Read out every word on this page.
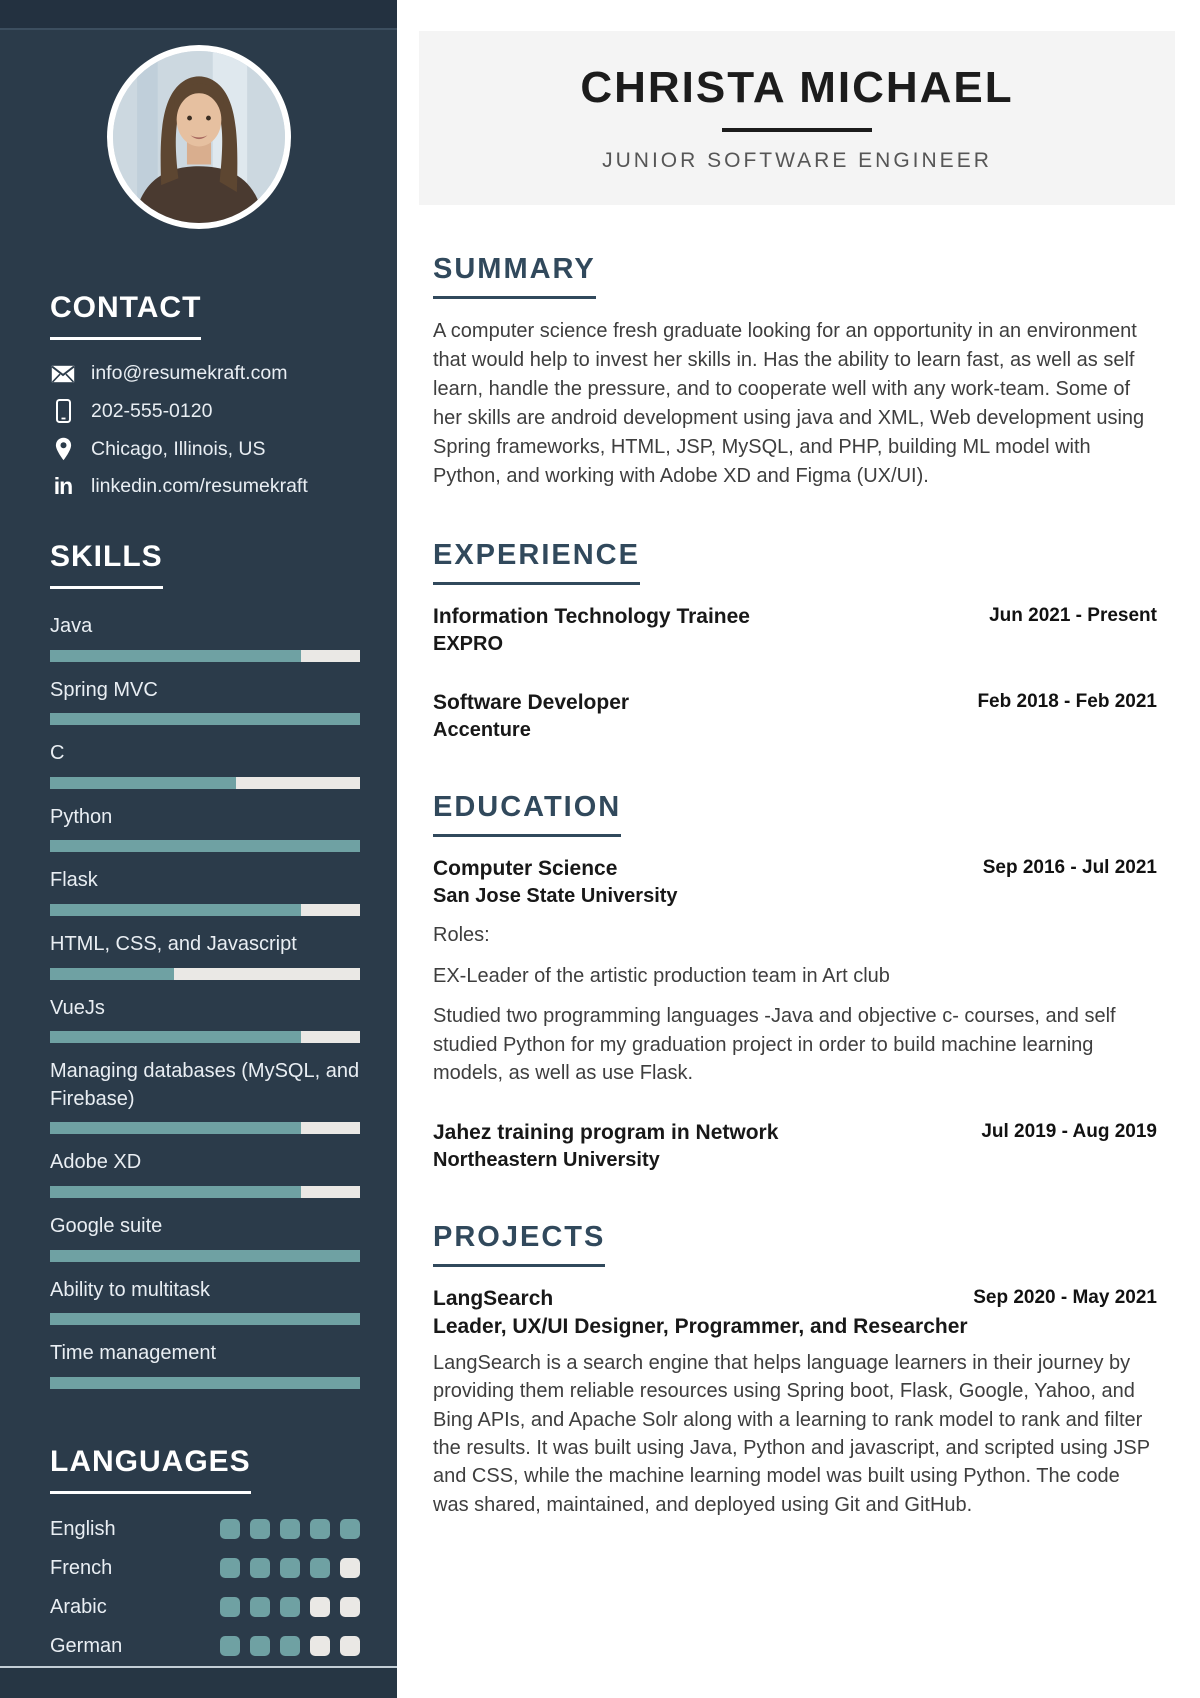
CONTACT
info@resumekraft.com
202-555-0120
Chicago, Illinois, US
in linkedin.com/resumekraft
SKILLS
Java
Spring MVC
C
Python
Flask
HTML, CSS, and Javascript
VueJs
Managing databases (MySQL, and Firebase)
Adobe XD
Google suite
Ability to multitask
Time management
LANGUAGES
English
French
Arabic
German
CHRISTA MICHAEL
JUNIOR SOFTWARE ENGINEER
SUMMARY

A computer science fresh graduate looking for an opportunity in an environment that would help to invest her skills in. Has the ability to learn fast, as well as self learn, handle the pressure, and to cooperate well with any work-team. Some of her skills are android development using java and XML, Web development using Spring frameworks, HTML, JSP, MySQL, and PHP, building ML model with Python, and working with Adobe XD and Figma (UX/UI).

EXPERIENCE
Information Technology Trainee
EXPRO
Jun 2021 - Present
Software Developer
Accenture
Feb 2018 - Feb 2021
EDUCATION
Computer Science
San Jose State University
Sep 2016 - Jul 2021

Roles:

EX-Leader of the artistic production team in Art club

Studied two programming languages -Java and objective c- courses, and self studied Python for my graduation project in order to build machine learning models, as well as use Flask.

Jahez training program in Network
Northeastern University
Jul 2019 - Aug 2019
PROJECTS
LangSearch
Leader, UX/UI Designer, Programmer, and Researcher
Sep 2020 - May 2021

LangSearch is a search engine that helps language learners in their journey by providing them reliable resources using Spring boot, Flask, Google, Yahoo, and Bing APIs, and Apache Solr along with a learning to rank model to rank and filter the results. It was built using Java, Python and javascript, and scripted using JSP and CSS, while the machine learning model was built using Python. The code was shared, maintained, and deployed using Git and GitHub.
